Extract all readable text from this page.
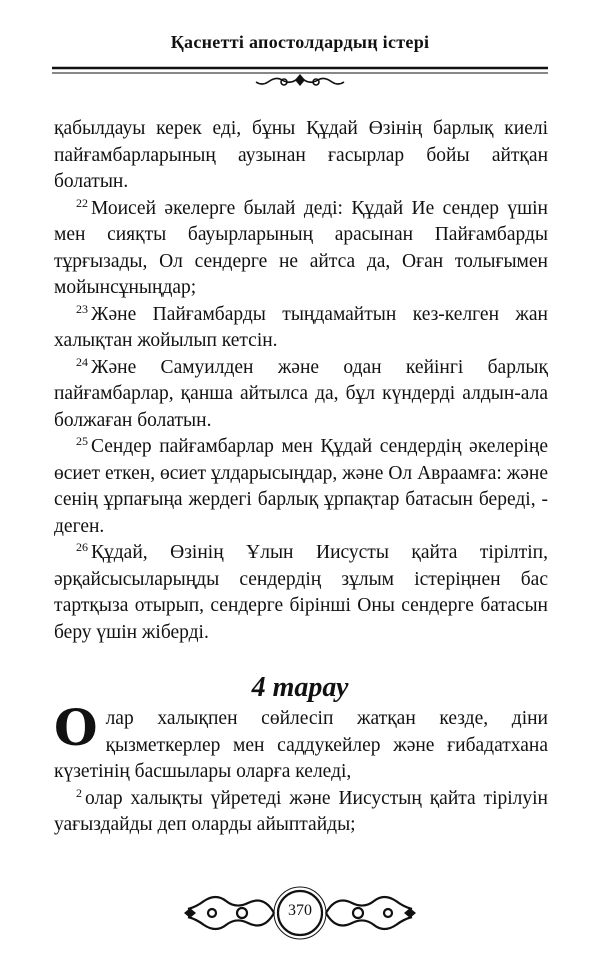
Қаснетті апостолдардың істері

қабылдауы керек еді, бұны Құдай Өзінің барлық киелі пайғамбарларының аузынан ғасырлар бойы айтқан болатын.

$^{22}$ Моисей әкелерге былай деді: Құдай Ие сендер үшін мен сияқты бауырларының арасынан Пайғамбарды тұрғызады, Ол сендерге не айтса да, Оған толығымен мойынсұныңдар;

$^{23}$ Және Пайғамбарды тыңдамайтын кез-келген жан халықтан жойылып кетсін.

$^{24}$ Және Самуилден және одан кейінгі барлық пайғамбарлар, қанша айтылса да, бұл күндерді алдын-ала болжаған болатын.

$^{25}$ Сендер пайғамбарлар мен Құдай сендердің әкелеріңе өсиет еткен, өсиет ұлдарысыңдар, және Ол Авраамға: және сенің ұрпағыңа жердегі барлық ұрпақтар батасын береді, - деген.

$^{26}$ Құдай, Өзінің Ұлын Иисусты қайта тірілтіп, әрқайсысыларыңды сендердің зұлым істеріңнен бас тартқыза отырып, сендерге бірінші Оны сендерге батасын беру үшін жіберді.

4 тарау

Олар халықпен сөйлесіп жатқан кезде, діни қызметкерлер мен саддукейлер және ғибадатхана күзетінің басшылары оларға келеді,

$^2$ олар халықты үйретеді және Иисустың қайта тірілуін уағыздайды деп оларды айыптайды;

370
